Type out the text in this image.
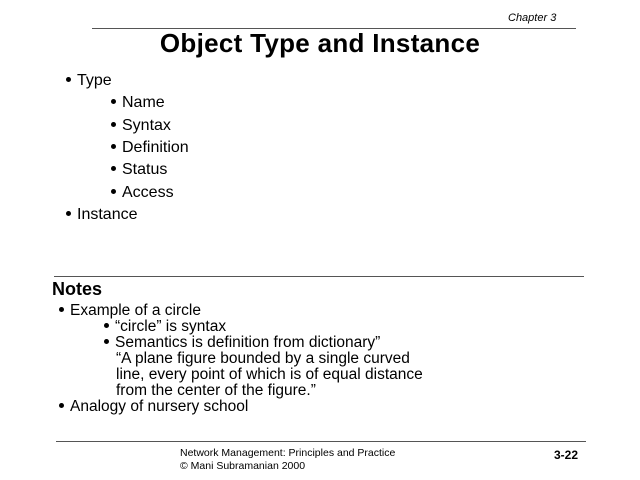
Chapter 3
Object Type and Instance
Type
Name
Syntax
Definition
Status
Access
Instance
Notes
Example of a circle
“circle” is syntax
Semantics is definition from dictionary”
“A plane figure bounded by a single curved
line, every point of which is of equal distance
from the center of the figure.”
Analogy of nursery school
Network Management: Principles and Practice
© Mani Subramanian 2000
3-22
